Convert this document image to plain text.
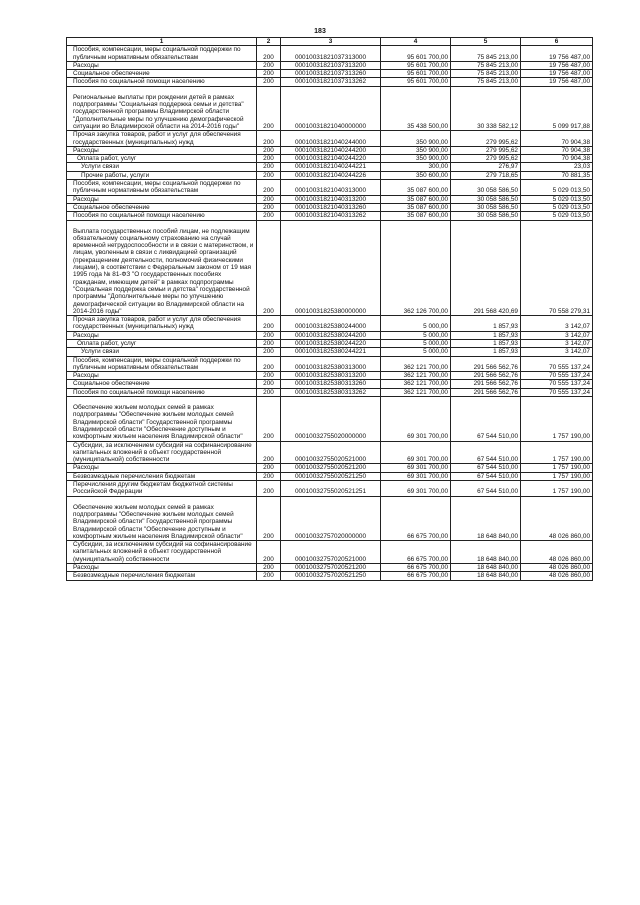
183
1	2	3	4	5	6
Пособия, компенсации, меры социальной поддержки по публичным нормативным обязательствам	200	00010031821037313000	95 601 700,00	75 845 213,00	19 756 487,00
Расходы	200	00010031821037313200	95 601 700,00	75 845 213,00	19 756 487,00
Социальное обеспечение	200	00010031821037313260	95 601 700,00	75 845 213,00	19 756 487,00
Пособия по социальной помощи населению	200	00010031821037313262	95 601 700,00	75 845 213,00	19 756 487,00
Региональные выплаты при рождении детей в рамках подпрограммы "Социальная поддержка семьи и детства" государственной программы Владимирской области "Дополнительные меры по улучшению демографической ситуации во Владимирской области на 2014-2016 годы"	200	00010031821040000000	35 438 500,00	30 338 582,12	5 099 917,88
Прочая закупка товаров, работ и услуг для обеспечения государственных (муниципальных) нужд	200	00010031821040244000	350 900,00	279 995,62	70 904,38
Расходы	200	00010031821040244200	350 900,00	279 995,62	70 904,38
Оплата работ, услуг	200	00010031821040244220	350 900,00	279 995,62	70 904,38
Услуги связи	200	00010031821040244221	300,00	276,97	23,03
Прочие работы, услуги	200	00010031821040244226	350 600,00	279 718,65	70 881,35
Пособия, компенсации, меры социальной поддержки по публичным нормативным обязательствам	200	00010031821040313000	35 087 600,00	30 058 586,50	5 029 013,50
Расходы	200	00010031821040313200	35 087 600,00	30 058 586,50	5 029 013,50
Социальное обеспечение	200	00010031821040313260	35 087 600,00	30 058 586,50	5 029 013,50
Пособия по социальной помощи населению	200	00010031821040313262	35 087 600,00	30 058 586,50	5 029 013,50
Выплата государственных пособий лицам, не подлежащим обязательному социальному страхованию на случай временной нетрудоспособности и в связи с материнством, и лицам, уволенным в связи с ликвидацией организаций (прекращением деятельности, полномочий физическими лицами), в соответствии с Федеральным законом от 19 мая 1995 года № 81-ФЗ "О государственных пособиях гражданам, имеющим детей" в рамках подпрограммы "Социальная поддержка семьи и детства" государственной программы "Дополнительные меры по улучшению демографической ситуации во Владимирской области на 2014-2016 годы"	200	00010031825380000000	362 126 700,00	291 568 420,69	70 558 279,31
Прочая закупка товаров, работ и услуг для обеспечения государственных (муниципальных) нужд	200	00010031825380244000	5 000,00	1 857,93	3 142,07
Расходы	200	00010031825380244200	5 000,00	1 857,93	3 142,07
Оплата работ, услуг	200	00010031825380244220	5 000,00	1 857,93	3 142,07
Услуги связи	200	00010031825380244221	5 000,00	1 857,93	3 142,07
Пособия, компенсации, меры социальной поддержки по публичным нормативным обязательствам	200	00010031825380313000	362 121 700,00	291 566 562,76	70 555 137,24
Расходы	200	00010031825380313200	362 121 700,00	291 566 562,76	70 555 137,24
Социальное обеспечение	200	00010031825380313260	362 121 700,00	291 566 562,76	70 555 137,24
Пособия по социальной помощи населению	200	00010031825380313262	362 121 700,00	291 566 562,76	70 555 137,24
Обеспечение жильем молодых семей в рамках подпрограммы "Обеспечение жильем молодых семей Владимирской области" Государственной программы Владимирской области "Обеспечение доступным и комфортным жильем населения Владимирской области"	200	00010032755020000000	69 301 700,00	67 544 510,00	1 757 190,00
Субсидии, за исключением субсидий на софинансирование капитальных вложений в объект государственной (муниципальной) собственности	200	00010032755020521000	69 301 700,00	67 544 510,00	1 757 190,00
Расходы	200	00010032755020521200	69 301 700,00	67 544 510,00	1 757 190,00
Безвозмездные перечисления бюджетам	200	00010032755020521250	69 301 700,00	67 544 510,00	1 757 190,00
Перечисления другим бюджетам бюджетной системы Российской Федерации	200	00010032755020521251	69 301 700,00	67 544 510,00	1 757 190,00
Обеспечение жильем молодых семей в рамках подпрограммы "Обеспечение жильем молодых семей Владимирской области" Государственной программы Владимирской области "Обеспечение доступным и комфортным жильем населения Владимирской области"	200	00010032757020000000	66 675 700,00	18 648 840,00	48 026 860,00
Субсидии, за исключением субсидий на софинансирование капитальных вложений в объект государственной (муниципальной) собственности	200	00010032757020521000	66 675 700,00	18 648 840,00	48 026 860,00
Расходы	200	00010032757020521200	66 675 700,00	18 648 840,00	48 026 860,00
Безвозмездные перечисления бюджетам	200	00010032757020521250	66 675 700,00	18 648 840,00	48 026 860,00
